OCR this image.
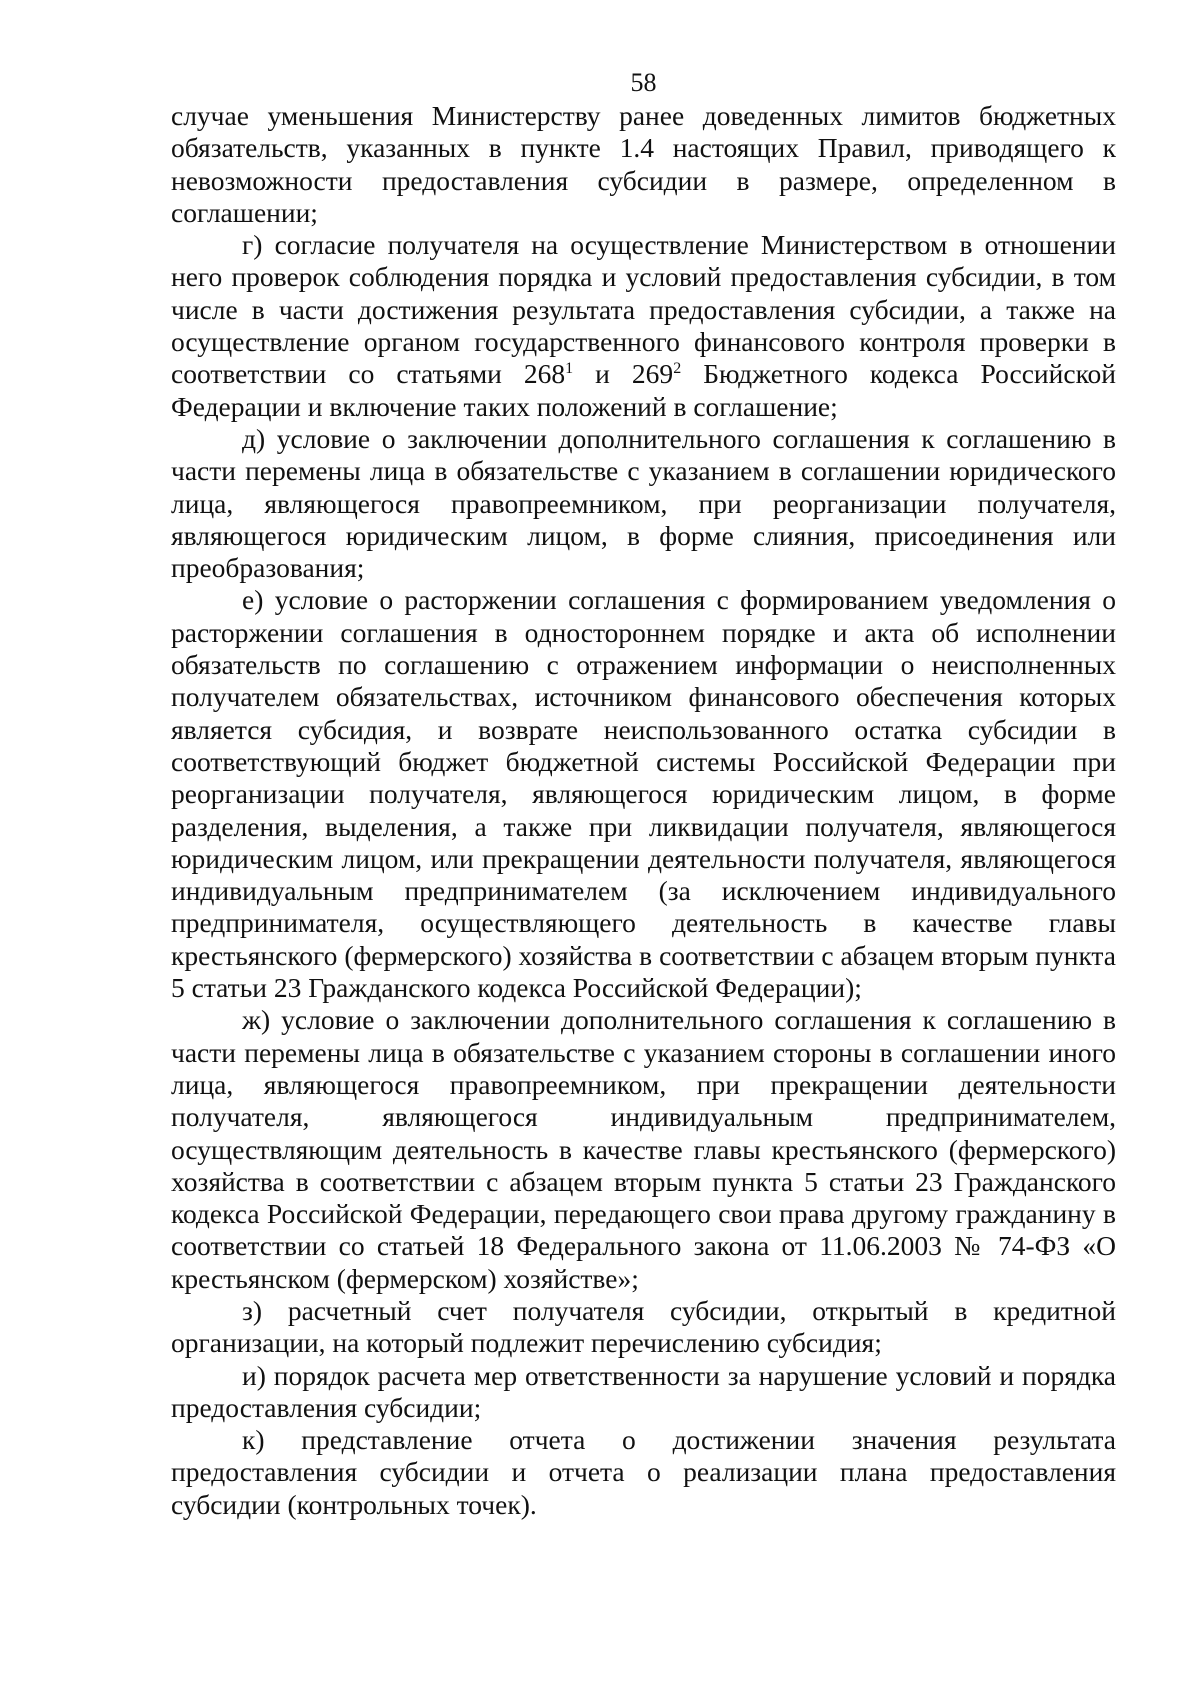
58

случае уменьшения Министерству ранее доведенных лимитов бюджетных обязательств, указанных в пункте 1.4 настоящих Правил, приводящего к невозможности предоставления субсидии в размере, определенном в соглашении;

г) согласие получателя на осуществление Министерством в отношении него проверок соблюдения порядка и условий предоставления субсидии, в том числе в части достижения результата предоставления субсидии, а также на осуществление органом государственного финансового контроля проверки в соответствии со статьями $268^1$ и $269^2$ Бюджетного кодекса Российской Федерации и включение таких положений в соглашение;

д) условие о заключении дополнительного соглашения к соглашению в части перемены лица в обязательстве с указанием в соглашении юридического лица, являющегося правопреемником, при реорганизации получателя, являющегося юридическим лицом, в форме слияния, присоединения или преобразования;

е) условие о расторжении соглашения с формированием уведомления о расторжении соглашения в одностороннем порядке и акта об исполнении обязательств по соглашению с отражением информации о неисполненных получателем обязательствах, источником финансового обеспечения которых является субсидия, и возврате неиспользованного остатка субсидии в соответствующий бюджет бюджетной системы Российской Федерации при реорганизации получателя, являющегося юридическим лицом, в форме разделения, выделения, а также при ликвидации получателя, являющегося юридическим лицом, или прекращении деятельности получателя, являющегося индивидуальным предпринимателем (за исключением индивидуального предпринимателя, осуществляющего деятельность в качестве главы крестьянского (фермерского) хозяйства в соответствии с абзацем вторым пункта 5 статьи 23 Гражданского кодекса Российской Федерации);

ж) условие о заключении дополнительного соглашения к соглашению в части перемены лица в обязательстве с указанием стороны в соглашении иного лица, являющегося правопреемником, при прекращении деятельности получателя, являющегося индивидуальным предпринимателем, осуществляющим деятельность в качестве главы крестьянского (фермерского) хозяйства в соответствии с абзацем вторым пункта 5 статьи 23 Гражданского кодекса Российской Федерации, передающего свои права другому гражданину в соответствии со статьей 18 Федерального закона от 11.06.2003 № 74-ФЗ «О крестьянском (фермерском) хозяйстве»;

з) расчетный счет получателя субсидии, открытый в кредитной организации, на который подлежит перечислению субсидия;

и) порядок расчета мер ответственности за нарушение условий и порядка предоставления субсидии;

к) представление отчета о достижении значения результата предоставления субсидии и отчета о реализации плана предоставления субсидии (контрольных точек).
